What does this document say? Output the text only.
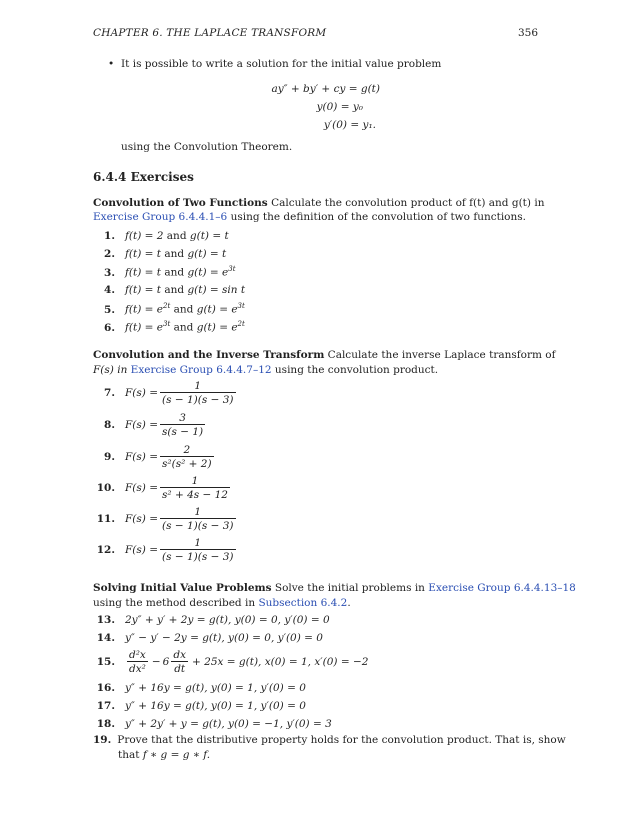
CHAPTER 6. THE LAPLACE TRANSFORM	356
• It is possible to write a solution for the initial value problem
ay″ + by′ + cy = g(t)
y(0) = y₀
y′(0) = y₁.
using the Convolution Theorem.
6.4.4 Exercises
Convolution of Two Functions Calculate the convolution product of f(t) and g(t) in
Exercise Group 6.4.4.1–6 using the definition of the convolution of two functions.
1. f(t) = 2 and g(t) = t
2. f(t) = t and g(t) = t
3. f(t) = t and $g(t) = e^{3t}$
4. f(t) = t and g(t) = sin t
5. $f(t) = e^{2t}$ and $g(t) = e^{3t}$
6. $f(t) = e^{3t}$ and $g(t) = e^{2t}$
Convolution and the Inverse Transform Calculate the inverse Laplace transform of
F(s) in Exercise Group 6.4.4.7–12 using the convolution product.
7. $F(s) = \frac{1}{(s - 1)(s - 3)}$
8. $F(s) = \frac{3}{s(s - 1)}$
9. $F(s) = \frac{2}{\text{s²(s² + 2)}}$
10. $F(s) = \frac{1}{\text{s² + 4s − 12}}$
11. $F(s) = \frac{1}{(s - 1)(s - 3)}$
12. $F(s) = \frac{1}{(s - 1)(s - 3)}$
Solving Initial Value Problems Solve the initial problems in Exercise Group 6.4.4.13–18
using the method described in Subsection 6.4.2.
13. 2y″ + y′ + 2y = g(t), y(0) = 0, y′(0) = 0
14. y″ − y′ − 2y = g(t), y(0) = 0, y′(0) = 0
15. $\frac{\text{d²x}}{\text{dx²}} - 6 \frac{dx}{dt} + 25x = g(t)$, x(0) = 1, x′(0) = −2
16. y″ + 16y = g(t), y(0) = 1, y′(0) = 0
17. y″ + 16y = g(t), y(0) = 1, y′(0) = 0
18. y″ + 2y′ + y = g(t), y(0) = −1, y′(0) = 3
19. Prove that the distributive property holds for the convolution product. That is, show
that f ∗ g = g ∗ f.
